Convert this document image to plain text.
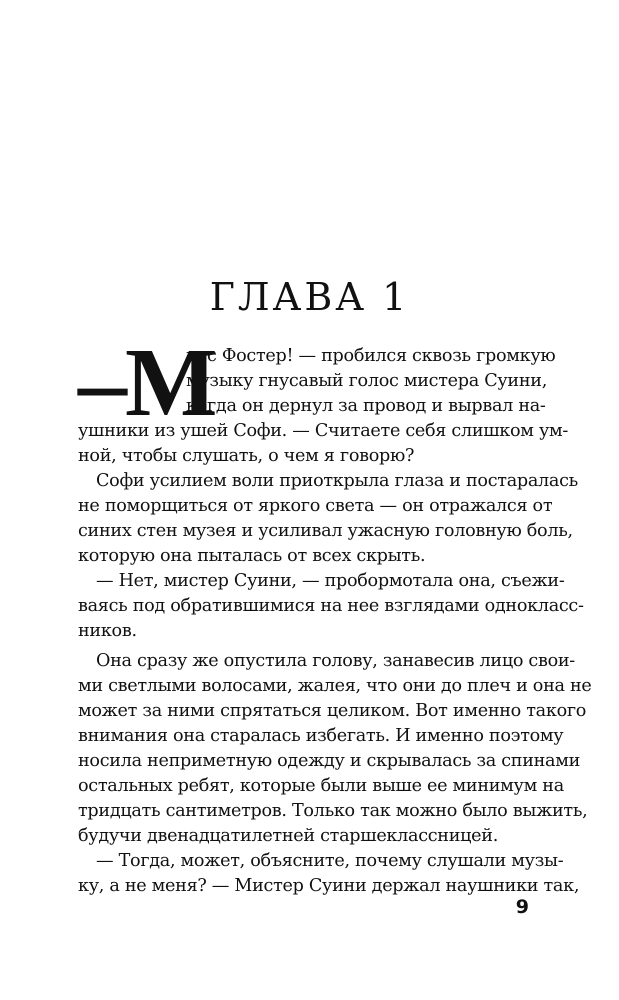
ГЛАВА 1
–М
исс Фостер! — пробился сквозь громкую
музыку гнусавый голос мистера Суини,
когда он дернул за провод и вырвал на-
ушники из ушей Софи. — Считаете себя слишком ум-
ной, чтобы слушать, о чем я говорю?
Софи усилием воли приоткрыла глаза и постаралась
не поморщиться от яркого света — он отражался от
синих стен музея и усиливал ужасную головную боль,
которую она пыталась от всех скрыть.
— Нет, мистер Суини, — пробормотала она, съежи-
ваясь под обратившимися на нее взглядами однокласс-
ников.
Она сразу же опустила голову, занавесив лицо свои-
ми светлыми волосами, жалея, что они до плеч и она не
может за ними спрятаться целиком. Вот именно такого
внимания она старалась избегать. И именно поэтому
носила неприметную одежду и скрывалась за спинами
остальных ребят, которые были выше ее минимум на
тридцать сантиметров. Только так можно было выжить,
будучи двенадцатилетней старшеклассницей.
— Тогда, может, объясните, почему слушали музы-
ку, а не меня? — Мистер Суини держал наушники так,
9
